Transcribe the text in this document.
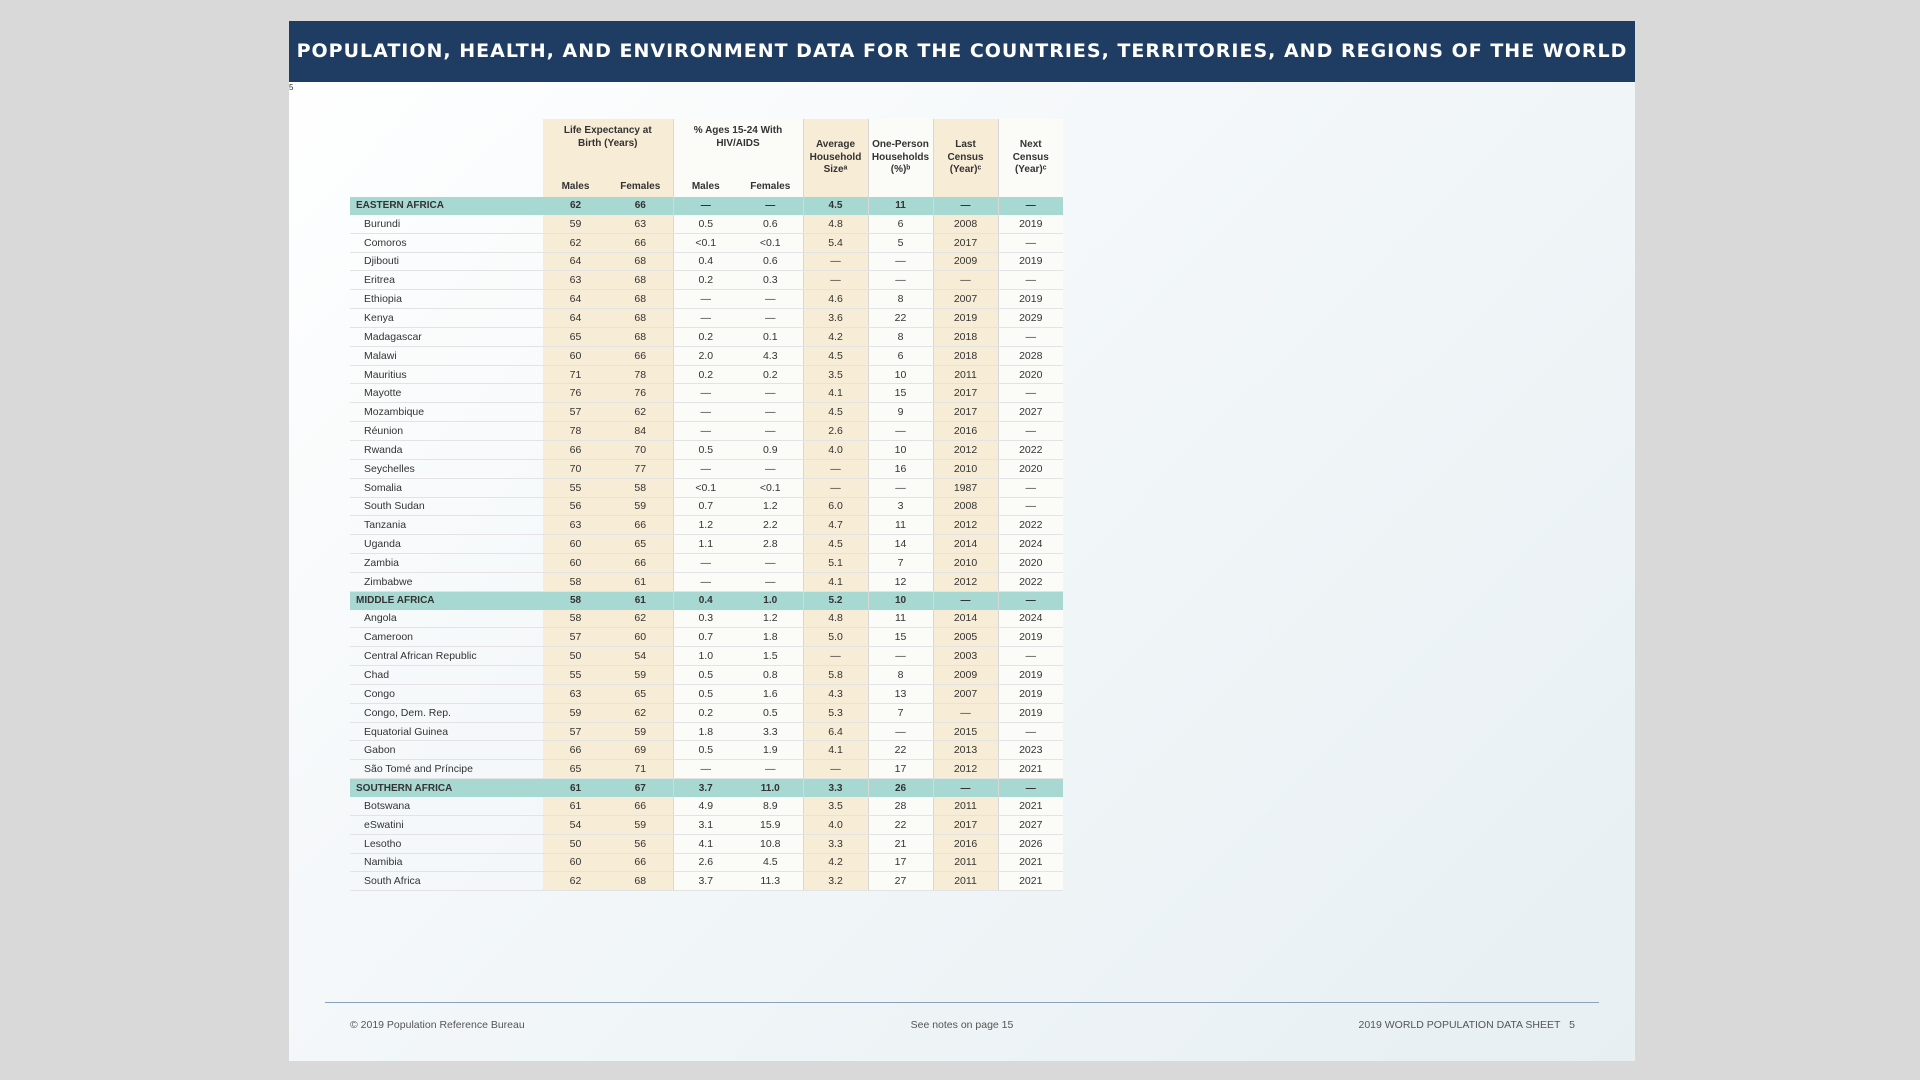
POPULATION, HEALTH, AND ENVIRONMENT DATA FOR THE COUNTRIES, TERRITORIES, AND REGIONS OF THE WORLD
5
	Life Expectancy at Birth (Years)		% Ages 15-24 With HIV/AIDS		Average Household Sizeᵃ	One-Person Households (%)ᵇ	Last Census (Year)ᶜ	Next Census (Year)ᶜ
	Males	Females	Males	Females				
EASTERN AFRICA	62	66	—	—	4.5	11	—	—
Burundi	59	63	0.5	0.6	4.8	6	2008	2019
Comoros	62	66	<0.1	<0.1	5.4	5	2017	—
Djibouti	64	68	0.4	0.6	—	—	2009	2019
Eritrea	63	68	0.2	0.3	—	—	—	—
Ethiopia	64	68	—	—	4.6	8	2007	2019
Kenya	64	68	—	—	3.6	22	2019	2029
Madagascar	65	68	0.2	0.1	4.2	8	2018	—
Malawi	60	66	2.0	4.3	4.5	6	2018	2028
Mauritius	71	78	0.2	0.2	3.5	10	2011	2020
Mayotte	76	76	—	—	4.1	15	2017	—
Mozambique	57	62	—	—	4.5	9	2017	2027
Réunion	78	84	—	—	2.6	—	2016	—
Rwanda	66	70	0.5	0.9	4.0	10	2012	2022
Seychelles	70	77	—	—	—	16	2010	2020
Somalia	55	58	<0.1	<0.1	—	—	1987	—
South Sudan	56	59	0.7	1.2	6.0	3	2008	—
Tanzania	63	66	1.2	2.2	4.7	11	2012	2022
Uganda	60	65	1.1	2.8	4.5	14	2014	2024
Zambia	60	66	—	—	5.1	7	2010	2020
Zimbabwe	58	61	—	—	4.1	12	2012	2022
MIDDLE AFRICA	58	61	0.4	1.0	5.2	10	—	—
Angola	58	62	0.3	1.2	4.8	11	2014	2024
Cameroon	57	60	0.7	1.8	5.0	15	2005	2019
Central African Republic	50	54	1.0	1.5	—	—	2003	—
Chad	55	59	0.5	0.8	5.8	8	2009	2019
Congo	63	65	0.5	1.6	4.3	13	2007	2019
Congo, Dem. Rep.	59	62	0.2	0.5	5.3	7	—	2019
Equatorial Guinea	57	59	1.8	3.3	6.4	—	2015	—
Gabon	66	69	0.5	1.9	4.1	22	2013	2023
São Tomé and Príncipe	65	71	—	—	—	17	2012	2021
SOUTHERN AFRICA	61	67	3.7	11.0	3.3	26	—	—
Botswana	61	66	4.9	8.9	3.5	28	2011	2021
eSwatini	54	59	3.1	15.9	4.0	22	2017	2027
Lesotho	50	56	4.1	10.8	3.3	21	2016	2026
Namibia	60	66	2.6	4.5	4.2	17	2011	2021
South Africa	62	68	3.7	11.3	3.2	27	2011	2021
© 2019 Population Reference Bureau	See notes on page 15	2019 WORLD POPULATION DATA SHEET 5
